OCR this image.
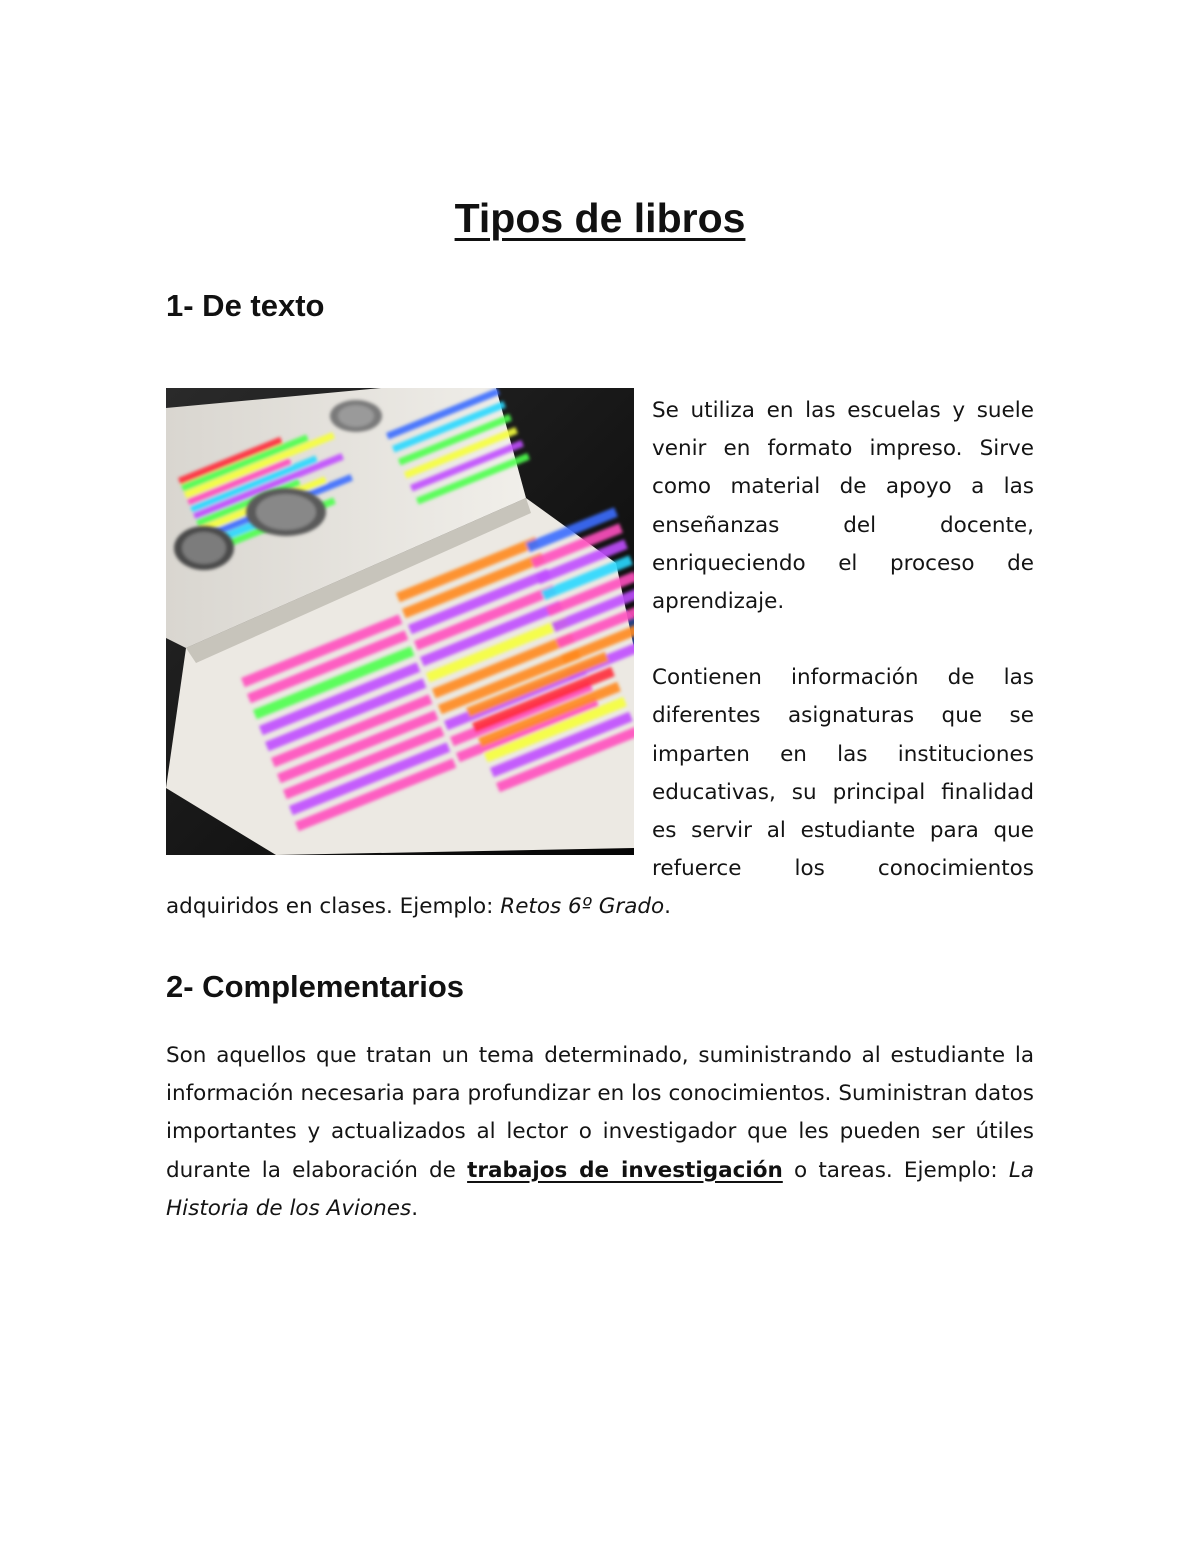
Tipos de libros
1- De texto

Se utiliza en las escuelas y suele venir en formato impreso. Sirve como material de apoyo a las enseñanzas del docente, enriqueciendo el proceso de aprendizaje.

Contienen información de las diferentes asignaturas que se imparten en las instituciones educativas, su principal finalidad es servir al estudiante para que refuerce los conocimientos adquiridos en clases. Ejemplo: Retos 6º Grado.

2- Complementarios

Son aquellos que tratan un tema determinado, suministrando al estudiante la información necesaria para profundizar en los conocimientos. Suministran datos importantes y actualizados al lector o investigador que les pueden ser útiles durante la elaboración de trabajos de investigación o tareas. Ejemplo: La Historia de los Aviones.
